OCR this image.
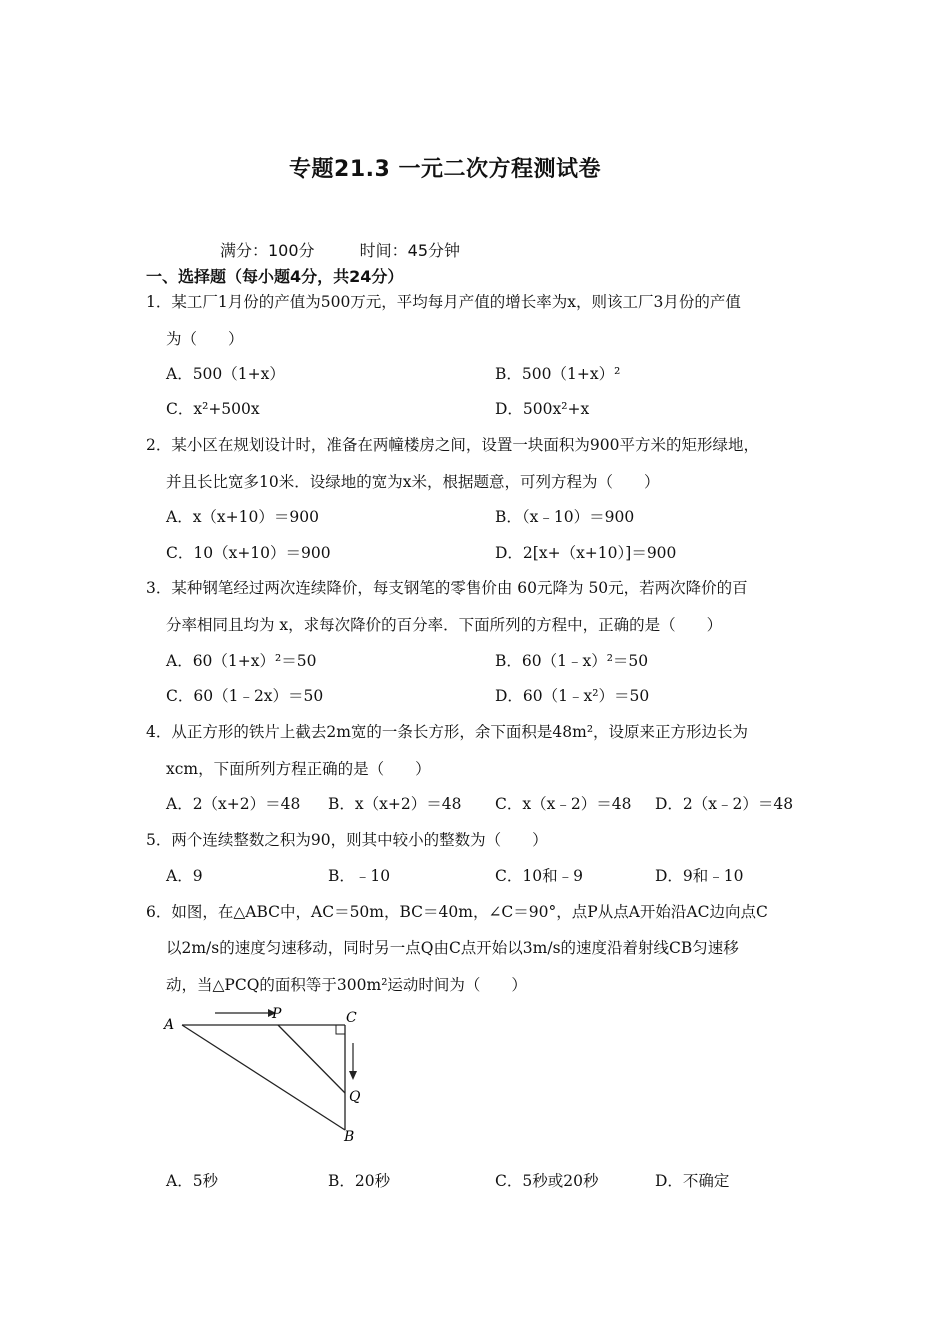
专题21.3 一元二次方程测试卷
满分：100分	时间：45分钟
一、选择题（每小题4分，共24分）
1．某工厂1月份的产值为500万元，平均每月产值的增长率为x，则该工厂3月份的产值
为（　　）
A．500（1+x）	B．500（1+x）²
C．x²+500x	D．500x²+x
2．某小区在规划设计时，准备在两幢楼房之间，设置一块面积为900平方米的矩形绿地，
并且长比宽多10米．设绿地的宽为x米，根据题意，可列方程为（　　）
A．x（x+10）＝900	B．（x﹣10）＝900
C．10（x+10）＝900	D．2[x+（x+10）]＝900
3．某种钢笔经过两次连续降价，每支钢笔的零售价由 60元降为 50元，若两次降价的百
分率相同且均为 x，求每次降价的百分率．下面所列的方程中，正确的是（　　）
A．60（1+x）²＝50	B．60（1﹣x）²＝50
C．60（1﹣2x）＝50	D．60（1﹣x²）＝50
4．从正方形的铁片上截去2m宽的一条长方形，余下面积是48m²，设原来正方形边长为
xcm，下面所列方程正确的是（　　）
A．2（x+2）＝48 B．x（x+2）＝48 C．x（x﹣2）＝48 D．2（x﹣2）＝48
5．两个连续整数之积为90，则其中较小的整数为（　　）
A．9	B．﹣10	C．10和﹣9	D．9和﹣10
6．如图，在△ABC中，AC＝50m，BC＝40m，∠C＝90°，点P从点A开始沿AC边向点C
以2m/s的速度匀速移动，同时另一点Q由C点开始以3m/s的速度沿着射线CB匀速移
动，当△PCQ的面积等于300m²运动时间为（　　）
A
P	C
Q
B
A．5秒	B．20秒	C．5秒或20秒	D．不确定
